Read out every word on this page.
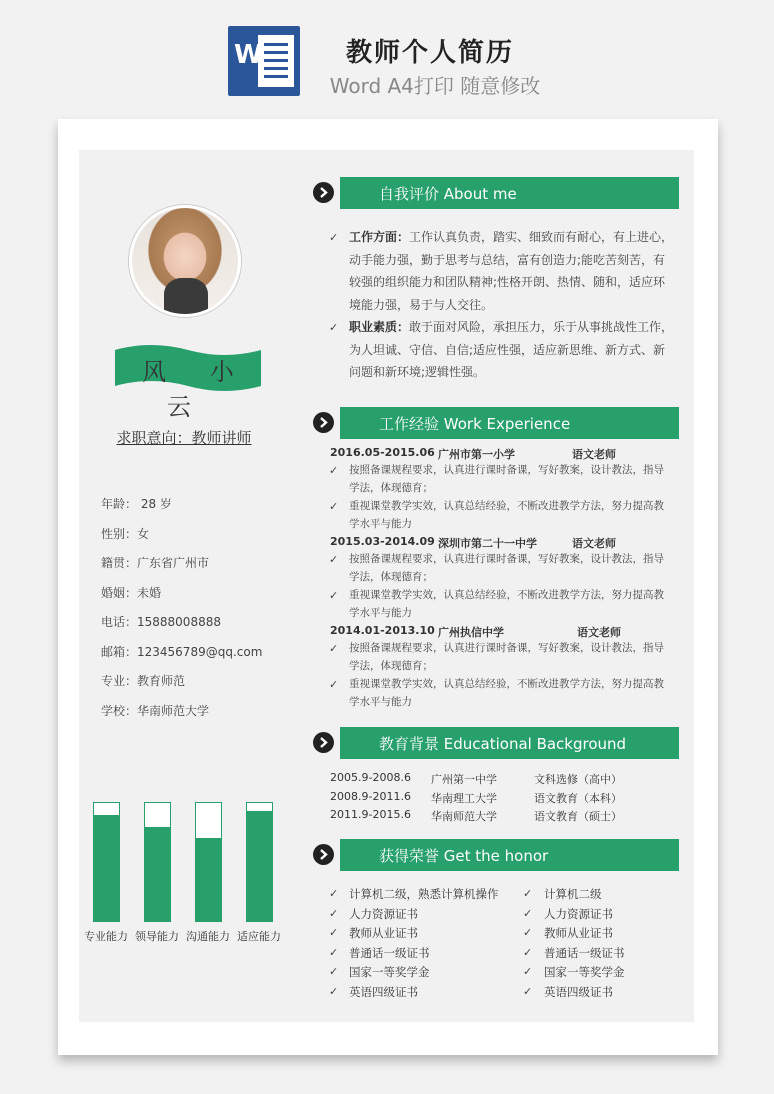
W	教师个人简历
Word A4打印 随意修改
风 小 云
求职意向：教师讲师
年龄： 28 岁
性别：女
籍贯：广东省广州市
婚姻：未婚
电话：15888008888
邮箱：123456789@qq.com
专业：教育师范
学校：华南师范大学
专业能力 领导能力 沟通能力 适应能力
自我评价 About me
✓ 工作方面：工作认真负责，踏实、细致而有耐心，有上进心，动手能力强，勤于思考与总结，富有创造力;能吃苦刻苦，有较强的组织能力和团队精神;性格开朗、热情、随和，适应环境能力强，易于与人交往。
✓ 职业素质：敢于面对风险，承担压力，乐于从事挑战性工作，为人坦诚、守信、自信;适应性强，适应新思维、新方式、新问题和新环境;逻辑性强。
工作经验 Work Experience
2016.05-2015.06 广州市第一小学	语文老师
✓ 按照备课规程要求，认真进行课时备课，写好教案，设计教法，指导学法，体现德育；
✓ 重视课堂教学实效，认真总结经验，不断改进教学方法，努力提高教学水平与能力
2015.03-2014.09 深圳市第二十一中学	语文老师
✓ 按照备课规程要求，认真进行课时备课，写好教案，设计教法，指导学法，体现德育；
✓ 重视课堂教学实效，认真总结经验，不断改进教学方法，努力提高教学水平与能力
2014.01-2013.10 广州执信中学	语文老师
✓ 按照备课规程要求，认真进行课时备课，写好教案，设计教法，指导学法，体现德育；
✓ 重视课堂教学实效，认真总结经验，不断改进教学方法，努力提高教学水平与能力
教育背景 Educational Background
2005.9-2008.6 广州第一中学	文科选修（高中）
2008.9-2011.6 华南理工大学	语文教育（本科）
2011.9-2015.6 华南师范大学	语文教育（硕士）
获得荣誉 Get the honor
✓ 计算机二级，熟悉计算机操作
✓ 人力资源证书
✓ 教师从业证书
✓ 普通话一级证书
✓ 国家一等奖学金
✓ 英语四级证书
✓ 计算机二级
✓ 人力资源证书
✓ 教师从业证书
✓ 普通话一级证书
✓ 国家一等奖学金
✓ 英语四级证书
